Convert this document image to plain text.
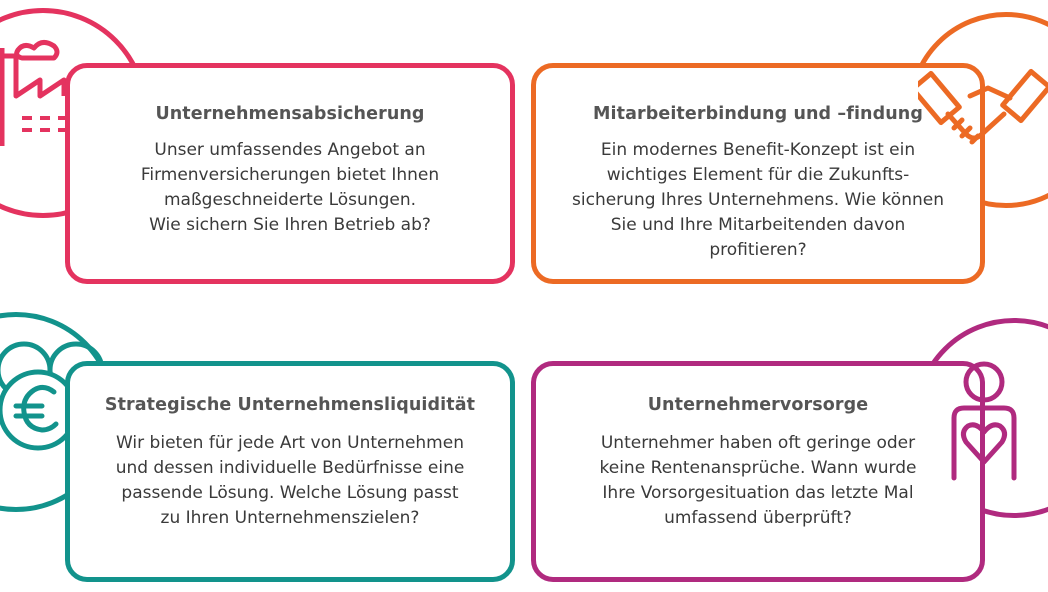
Unternehmensabsicherung

Unser umfassendes Angebot an

Firmenversicherungen bietet Ihnen

maßgeschneiderte Lösungen.

Wie sichern Sie Ihren Betrieb ab?

Mitarbeiterbindung und –findung

Ein modernes Benefit-Konzept ist ein

wichtiges Element für die Zukunfts-

sicherung Ihres Unternehmens. Wie können

Sie und Ihre Mitarbeitenden davon

profitieren?

Strategische Unternehmensliquidität

Wir bieten für jede Art von Unternehmen

und dessen individuelle Bedürfnisse eine

passende Lösung. Welche Lösung passt

zu Ihren Unternehmenszielen?

Unternehmervorsorge

Unternehmer haben oft geringe oder

keine Rentenansprüche. Wann wurde

Ihre Vorsorgesituation das letzte Mal

umfassend überprüft?
